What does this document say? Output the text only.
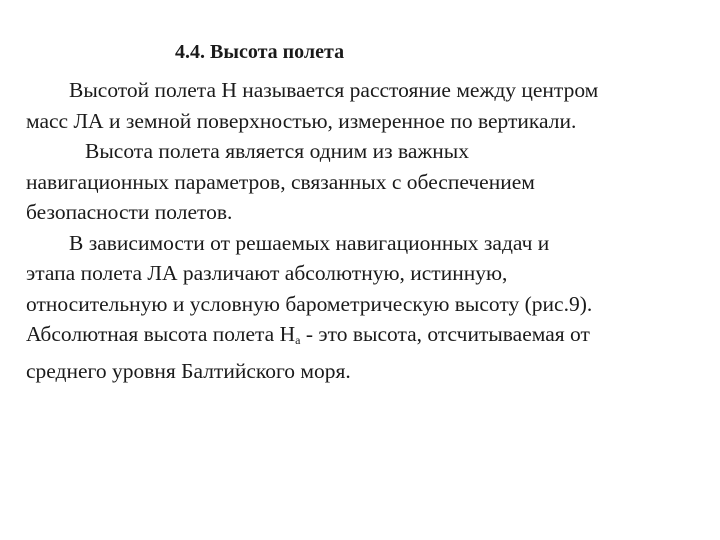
4.4. Высота полета
Высотой полета Н называется расстояние между центром
масс ЛА и земной поверхностью, измеренное по вертикали.
Высота полета является одним из важных
навигационных параметров, связанных с обеспечением
безопасности полетов.
В зависимости от решаемых навигационных задач и
этапа полета ЛА различают абсолютную, истинную,
относительную и условную барометрическую высоту (рис.9).
Абсолютная высота полета $Н_а$ - это высота, отсчитываемая от
среднего уровня Балтийского моря.
